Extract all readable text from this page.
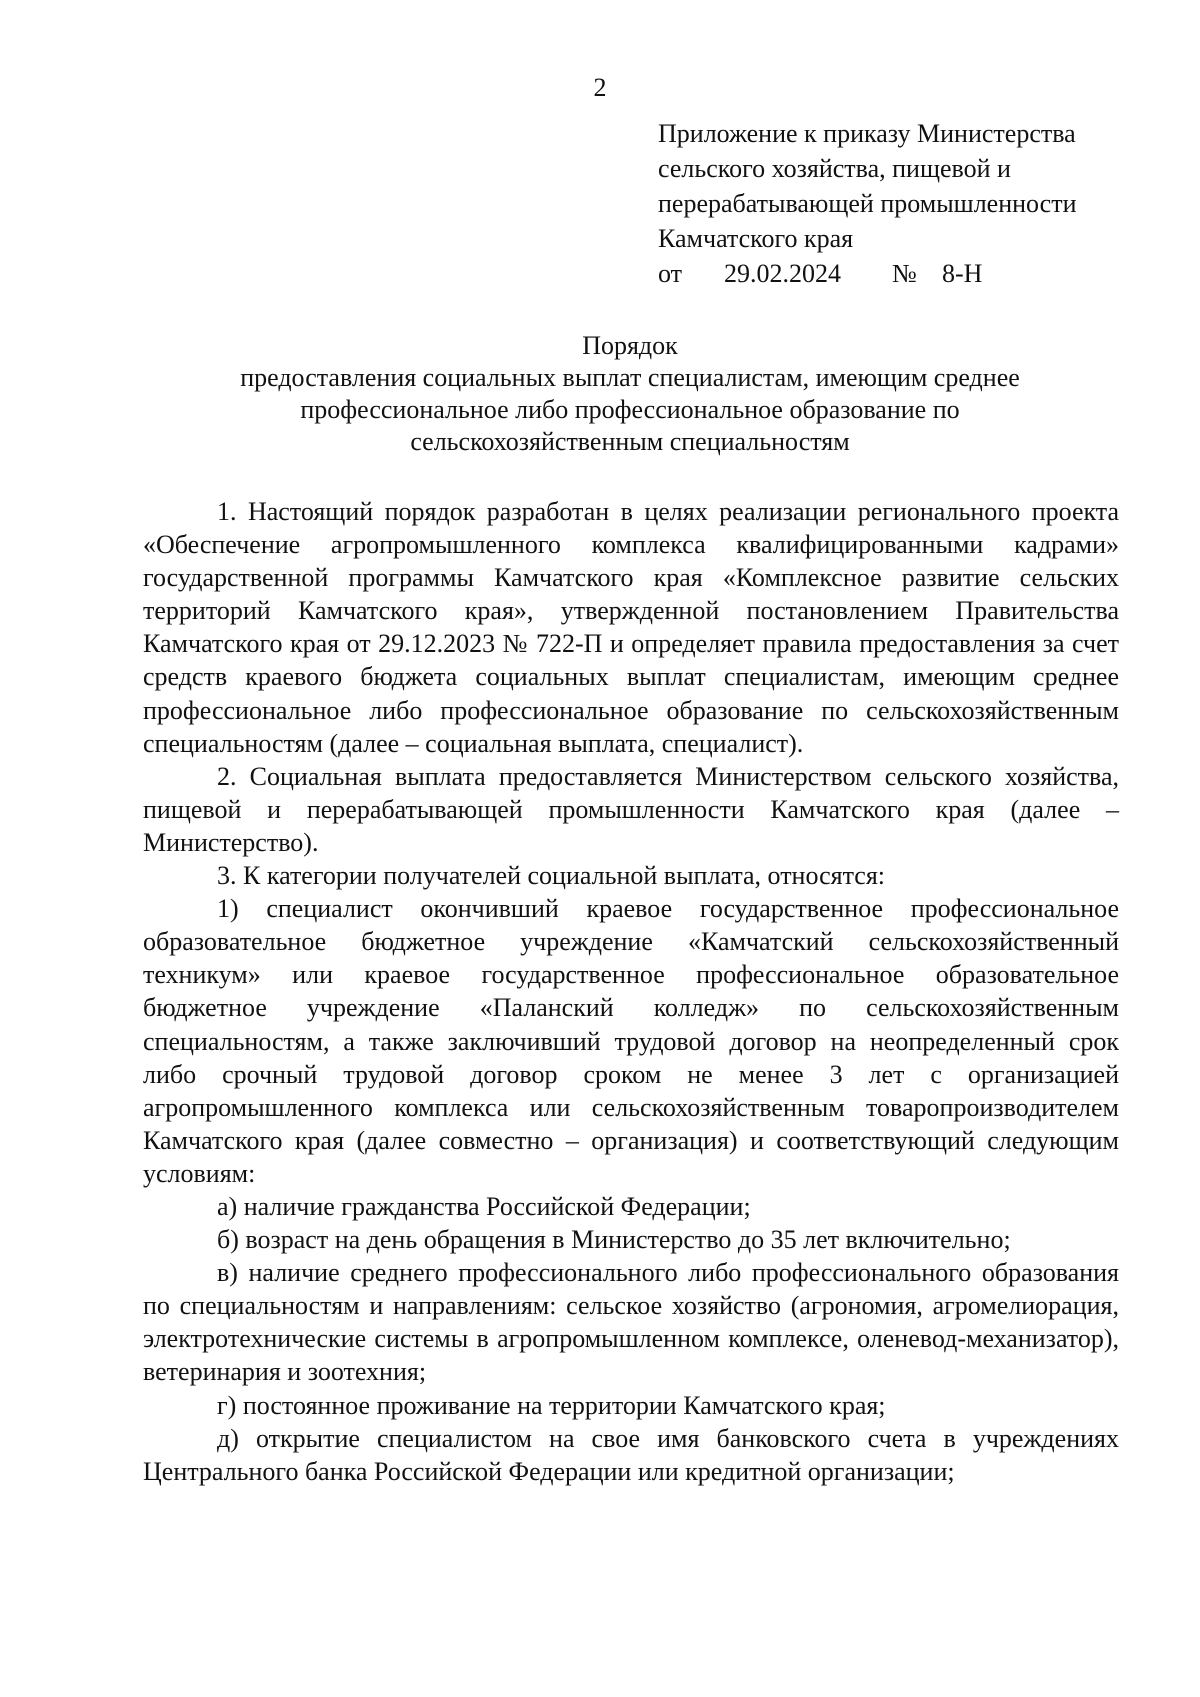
2
Приложение к приказу Министерства
сельского хозяйства, пищевой и
перерабатывающей промышленности
Камчатского края
от 29.02.2024 № 8-Н
Порядок
предоставления социальных выплат специалистам, имеющим среднее
профессиональное либо профессиональное образование по
сельскохозяйственным специальностям

1. Настоящий порядок разработан в целях реализации регионального проекта «Обеспечение агропромышленного комплекса квалифицированными кадрами» государственной программы Камчатского края «Комплексное развитие сельских территорий Камчатского края», утвержденной постановлением Правительства Камчатского края от 29.12.2023 № 722-П и определяет правила предоставления за счет средств краевого бюджета социальных выплат специалистам, имеющим среднее профессиональное либо профессиональное образование по сельскохозяйственным специальностям (далее – социальная выплата, специалист).

2. Социальная выплата предоставляется Министерством сельского хозяйства, пищевой и перерабатывающей промышленности Камчатского края (далее – Министерство).

3. К категории получателей социальной выплата, относятся:

1) специалист окончивший краевое государственное профессиональное образовательное бюджетное учреждение «Камчатский сельскохозяйственный техникум» или краевое государственное профессиональное образовательное бюджетное учреждение «Паланский колледж» по сельскохозяйственным специальностям, а также заключивший трудовой договор на неопределенный срок либо срочный трудовой договор сроком не менее 3 лет с организацией агропромышленного комплекса или сельскохозяйственным товаропроизводителем Камчатского края (далее совместно – организация) и соответствующий следующим условиям:

а) наличие гражданства Российской Федерации;

б) возраст на день обращения в Министерство до 35 лет включительно;

в) наличие среднего профессионального либо профессионального образования по специальностям и направлениям: сельское хозяйство (агрономия, агромелиорация, электротехнические системы в агропромышленном комплексе, оленевод-механизатор), ветеринария и зоотехния;

г) постоянное проживание на территории Камчатского края;

д) открытие специалистом на свое имя банковского счета в учреждениях Центрального банка Российской Федерации или кредитной организации;
